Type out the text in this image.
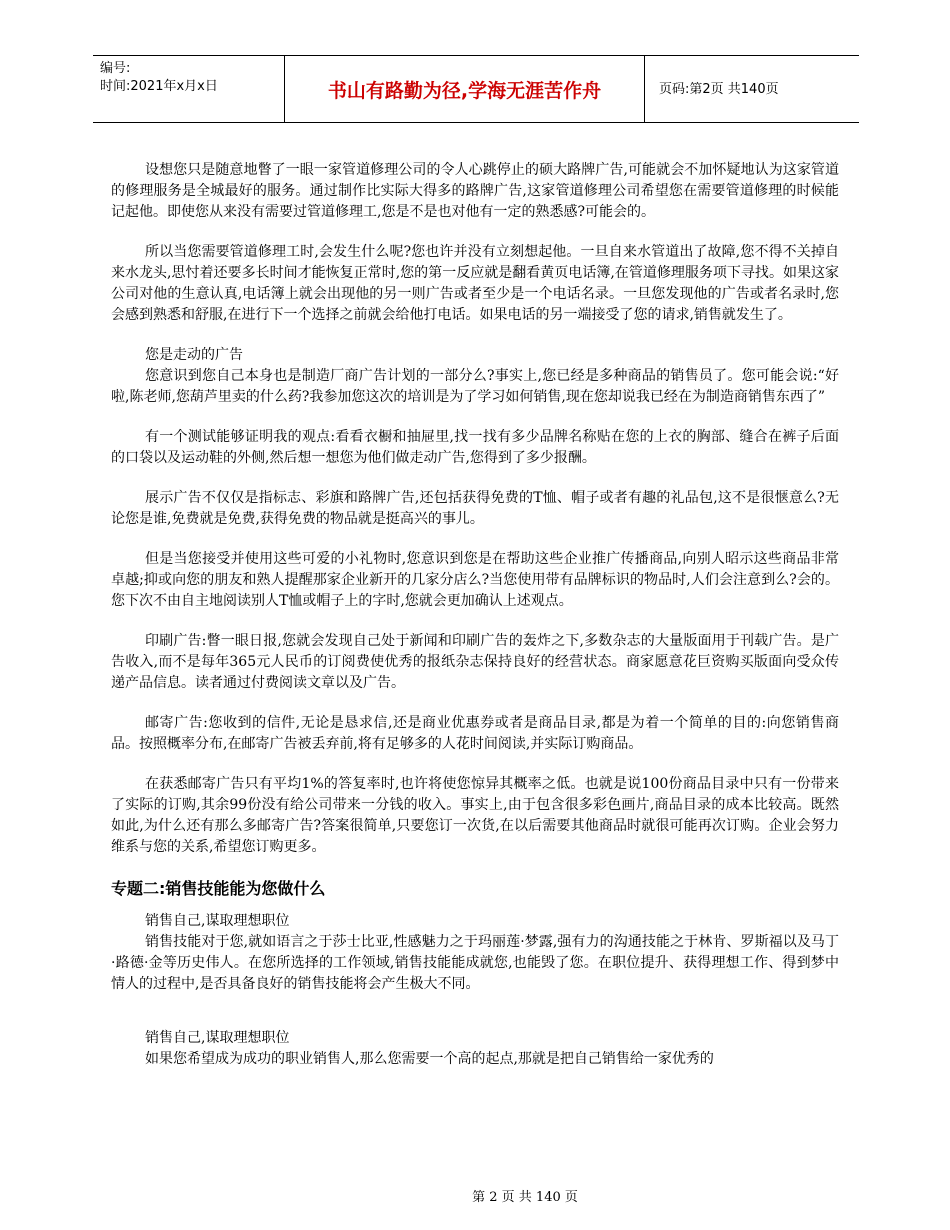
编号:
时间:2021年x月x日	书山有路勤为径,学海无涯苦作舟	页码:第2页 共140页

设想您只是随意地瞥了一眼一家管道修理公司的令人心跳停止的硕大路牌广告,可能就会不加怀疑地认为这家管道的修理服务是全城最好的服务。通过制作比实际大得多的路牌广告,这家管道修理公司希望您在需要管道修理的时候能记起他。即使您从来没有需要过管道修理工,您是不是也对他有一定的熟悉感?可能会的。

所以当您需要管道修理工时,会发生什么呢?您也许并没有立刻想起他。一旦自来水管道出了故障,您不得不关掉自来水龙头,思忖着还要多长时间才能恢复正常时,您的第一反应就是翻看黄页电话簿,在管道修理服务项下寻找。如果这家公司对他的生意认真,电话簿上就会出现他的另一则广告或者至少是一个电话名录。一旦您发现他的广告或者名录时,您会感到熟悉和舒服,在进行下一个选择之前就会给他打电话。如果电话的另一端接受了您的请求,销售就发生了。

您是走动的广告

您意识到您自己本身也是制造厂商广告计划的一部分么?事实上,您已经是多种商品的销售员了。您可能会说:“好啦,陈老师,您葫芦里卖的什么药?我参加您这次的培训是为了学习如何销售,现在您却说我已经在为制造商销售东西了”

有一个测试能够证明我的观点:看看衣橱和抽屉里,找一找有多少品牌名称贴在您的上衣的胸部、缝合在裤子后面的口袋以及运动鞋的外侧,然后想一想您为他们做走动广告,您得到了多少报酬。

展示广告不仅仅是指标志、彩旗和路牌广告,还包括获得免费的T恤、帽子或者有趣的礼品包,这不是很惬意么?无论您是谁,免费就是免费,获得免费的物品就是挺高兴的事儿。

但是当您接受并使用这些可爱的小礼物时,您意识到您是在帮助这些企业推广传播商品,向别人昭示这些商品非常卓越;抑或向您的朋友和熟人提醒那家企业新开的几家分店么?当您使用带有品牌标识的物品时,人们会注意到么?会的。您下次不由自主地阅读别人T恤或帽子上的字时,您就会更加确认上述观点。

印刷广告:瞥一眼日报,您就会发现自己处于新闻和印刷广告的轰炸之下,多数杂志的大量版面用于刊载广告。是广告收入,而不是每年365元人民币的订阅费使优秀的报纸杂志保持良好的经营状态。商家愿意花巨资购买版面向受众传递产品信息。读者通过付费阅读文章以及广告。

邮寄广告:您收到的信件,无论是恳求信,还是商业优惠券或者是商品目录,都是为着一个简单的目的:向您销售商品。按照概率分布,在邮寄广告被丢弃前,将有足够多的人花时间阅读,并实际订购商品。

在获悉邮寄广告只有平均1%的答复率时,也许将使您惊异其概率之低。也就是说100份商品目录中只有一份带来了实际的订购,其余99份没有给公司带来一分钱的收入。事实上,由于包含很多彩色画片,商品目录的成本比较高。既然如此,为什么还有那么多邮寄广告?答案很简单,只要您订一次货,在以后需要其他商品时就很可能再次订购。企业会努力维系与您的关系,希望您订购更多。

专题二:销售技能能为您做什么

销售自己,谋取理想职位

销售技能对于您,就如语言之于莎士比亚,性感魅力之于玛丽莲·梦露,强有力的沟通技能之于林肯、罗斯福以及马丁·路德·金等历史伟人。在您所选择的工作领域,销售技能能成就您,也能毁了您。在职位提升、获得理想工作、得到梦中情人的过程中,是否具备良好的销售技能将会产生极大不同。

销售自己,谋取理想职位

如果您希望成为成功的职业销售人,那么您需要一个高的起点,那就是把自己销售给一家优秀的

第 2 页 共 140 页
